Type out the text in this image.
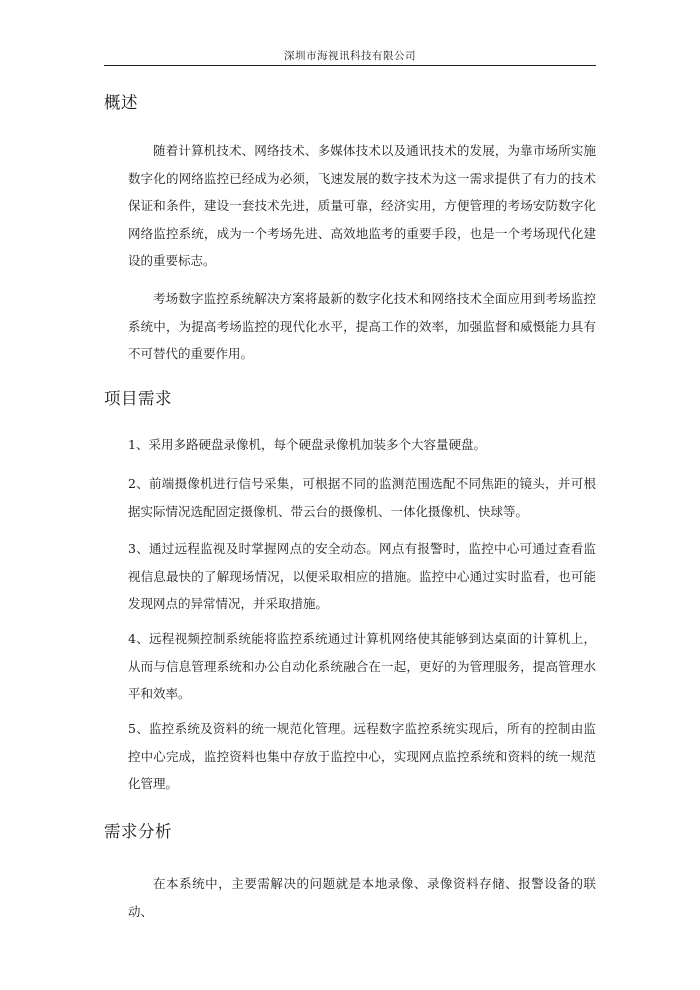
深圳市海视讯科技有限公司
概述

随着计算机技术、网络技术、多媒体技术以及通讯技术的发展，为靠市场所实施数字化的网络监控已经成为必须，飞速发展的数字技术为这一需求提供了有力的技术保证和条件，建设一套技术先进，质量可靠，经济实用，方便管理的考场安防数字化网络监控系统，成为一个考场先进、高效地监考的重要手段，也是一个考场现代化建设的重要标志。

考场数字监控系统解决方案将最新的数字化技术和网络技术全面应用到考场监控系统中，为提高考场监控的现代化水平，提高工作的效率，加强监督和威慑能力具有不可替代的重要作用。

项目需求

1、采用多路硬盘录像机，每个硬盘录像机加装多个大容量硬盘。

2、前端摄像机进行信号采集，可根据不同的监测范围选配不同焦距的镜头，并可根据实际情况选配固定摄像机、带云台的摄像机、一体化摄像机、快球等。

3、通过远程监视及时掌握网点的安全动态。网点有报警时，监控中心可通过查看监视信息最快的了解现场情况，以便采取相应的措施。监控中心通过实时监看，也可能发现网点的异常情况，并采取措施。

4、远程视频控制系统能将监控系统通过计算机网络使其能够到达桌面的计算机上，从而与信息管理系统和办公自动化系统融合在一起，更好的为管理服务，提高管理水平和效率。

5、监控系统及资料的统一规范化管理。远程数字监控系统实现后，所有的控制由监控中心完成，监控资料也集中存放于监控中心，实现网点监控系统和资料的统一规范化管理。

需求分析

在本系统中，主要需解决的问题就是本地录像、录像资料存储、报警设备的联动、
